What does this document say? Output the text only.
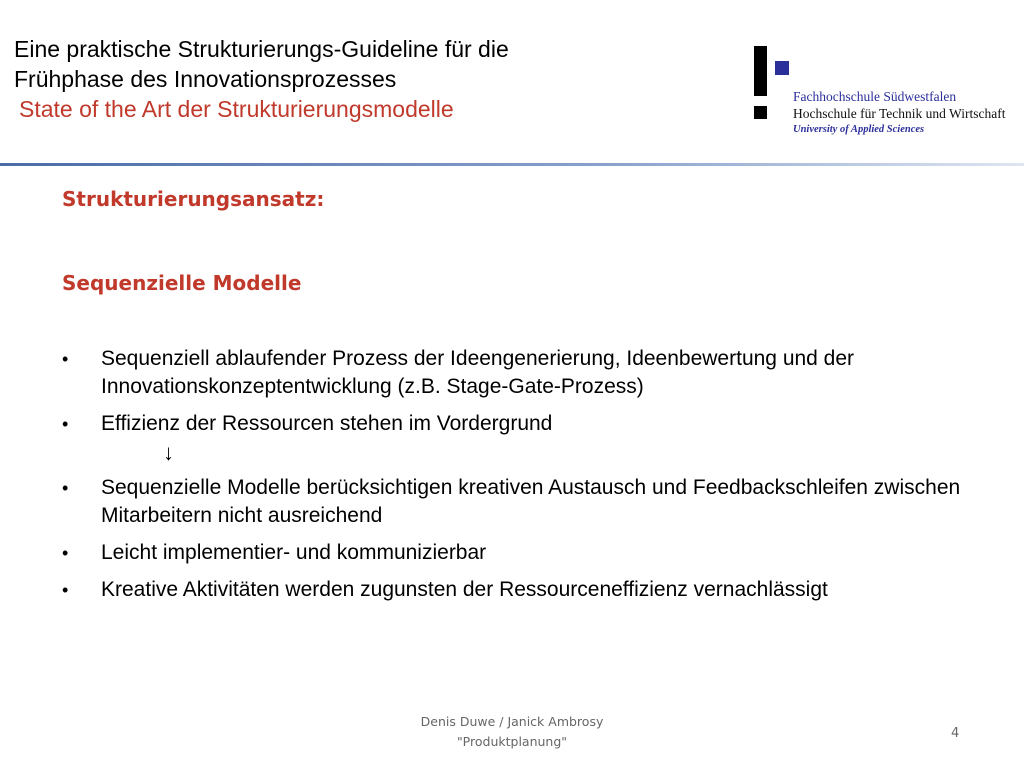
Eine praktische Strukturierungs-Guideline für die
Frühphase des Innovationsprozesses
State of the Art der Strukturierungsmodelle	Fachhochschule Südwestfalen
Hochschule für Technik und Wirtschaft
University of Applied Sciences
Strukturierungsansatz:
Sequenzielle Modelle
• Sequenziell ablaufender Prozess der Ideengenerierung, Ideenbewertung und der Innovationskonzeptentwicklung (z.B. Stage-Gate-Prozess)
• Effizienz der Ressourcen stehen im Vordergrund
↓
• Sequenzielle Modelle berücksichtigen kreativen Austausch und Feedbackschleifen zwischen Mitarbeitern nicht ausreichend
• Leicht implementier- und kommunizierbar
• Kreative Aktivitäten werden zugunsten der Ressourceneffizienz vernachlässigt
Denis Duwe / Janick Ambrosy
"Produktplanung"
4
